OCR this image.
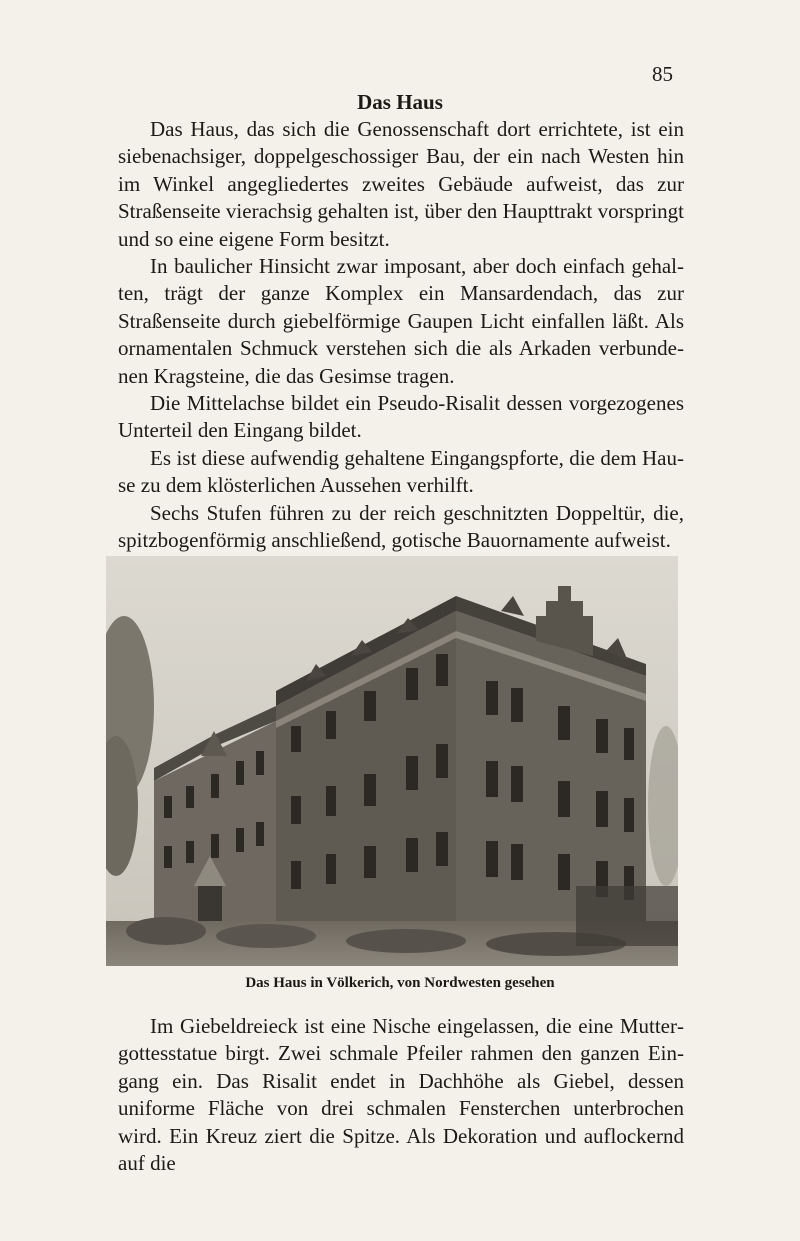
85
Das Haus

Das Haus, das sich die Genossenschaft dort errichtete, ist ein siebenachsiger, doppelgeschossiger Bau, der ein nach Westen hin im Winkel angegliedertes zweites Gebäude aufweist, das zur Straßenseite vierachsig gehalten ist, über den Haupttrakt vorspringt und so eine eigene Form besitzt.

In baulicher Hinsicht zwar imposant, aber doch einfach gehalten, trägt der ganze Komplex ein Mansardendach, das zur Straßenseite durch giebelförmige Gaupen Licht einfallen läßt. Als ornamentalen Schmuck verstehen sich die als Arkaden verbundenen Kragsteine, die das Gesimse tragen.

Die Mittelachse bildet ein Pseudo-Risalit dessen vorgezogenes Unterteil den Eingang bildet.

Es ist diese aufwendig gehaltene Eingangspforte, die dem Hause zu dem klösterlichen Aussehen verhilft.

Sechs Stufen führen zu der reich geschnitzten Doppeltür, die, spitzbogenförmig anschließend, gotische Bauornamente aufweist.

Das Haus in Völkerich, von Nordwesten gesehen

Im Giebeldreieck ist eine Nische eingelassen, die eine Muttergottesstatue birgt. Zwei schmale Pfeiler rahmen den ganzen Eingang ein. Das Risalit endet in Dachhöhe als Giebel, dessen uniforme Fläche von drei schmalen Fensterchen unterbrochen wird. Ein Kreuz ziert die Spitze. Als Dekoration und auflockernd auf die
